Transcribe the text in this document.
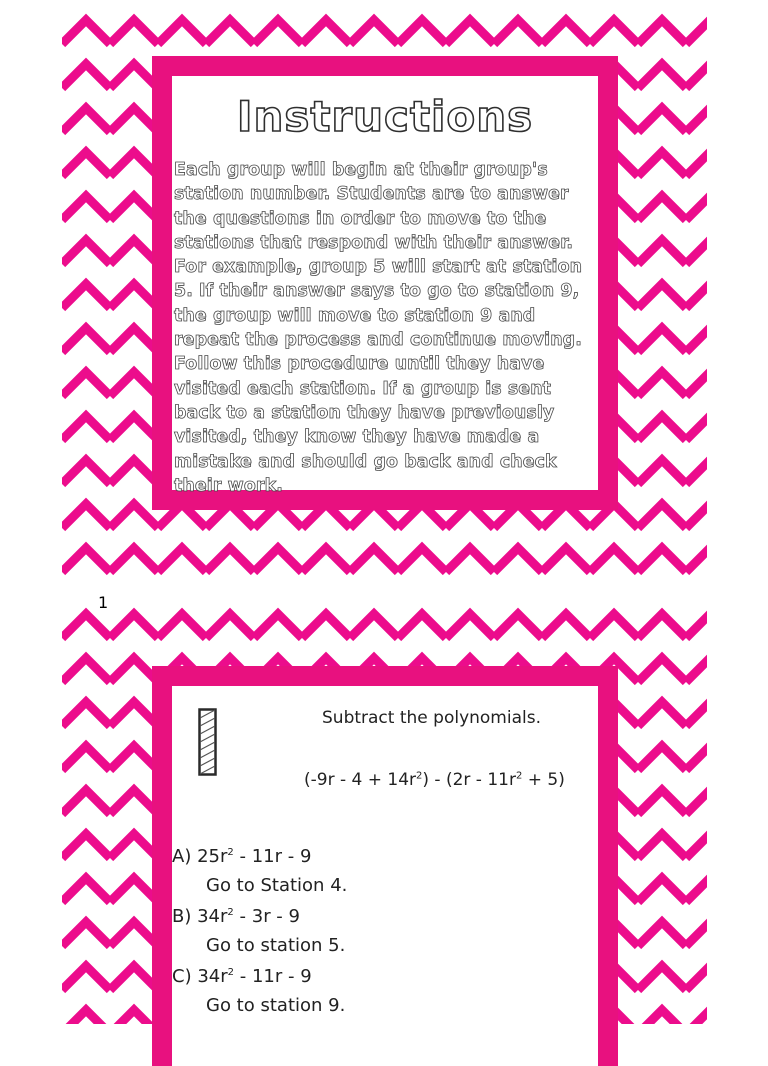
Instructions

Each group will begin at their group's station number. Students are to answer the questions in order to move to the stations that respond with their answer. For example, group 5 will start at station 5. If their answer says to go to station 9, the group will move to station 9 and repeat the process and continue moving. Follow this procedure until they have visited each station. If a group is sent back to a station they have previously visited, they know they have made a mistake and should go back and check their work.

1
Subtract the polynomials.
$(-9r - 4 + 14r^2) - (2r - 11r^2 + 5)$
A) $25r^2 - 11r - 9$
Go to Station 4.
B) $34r^2 - 3r - 9$
Go to station 5.
C) $34r^2 - 11r - 9$
Go to station 9.
